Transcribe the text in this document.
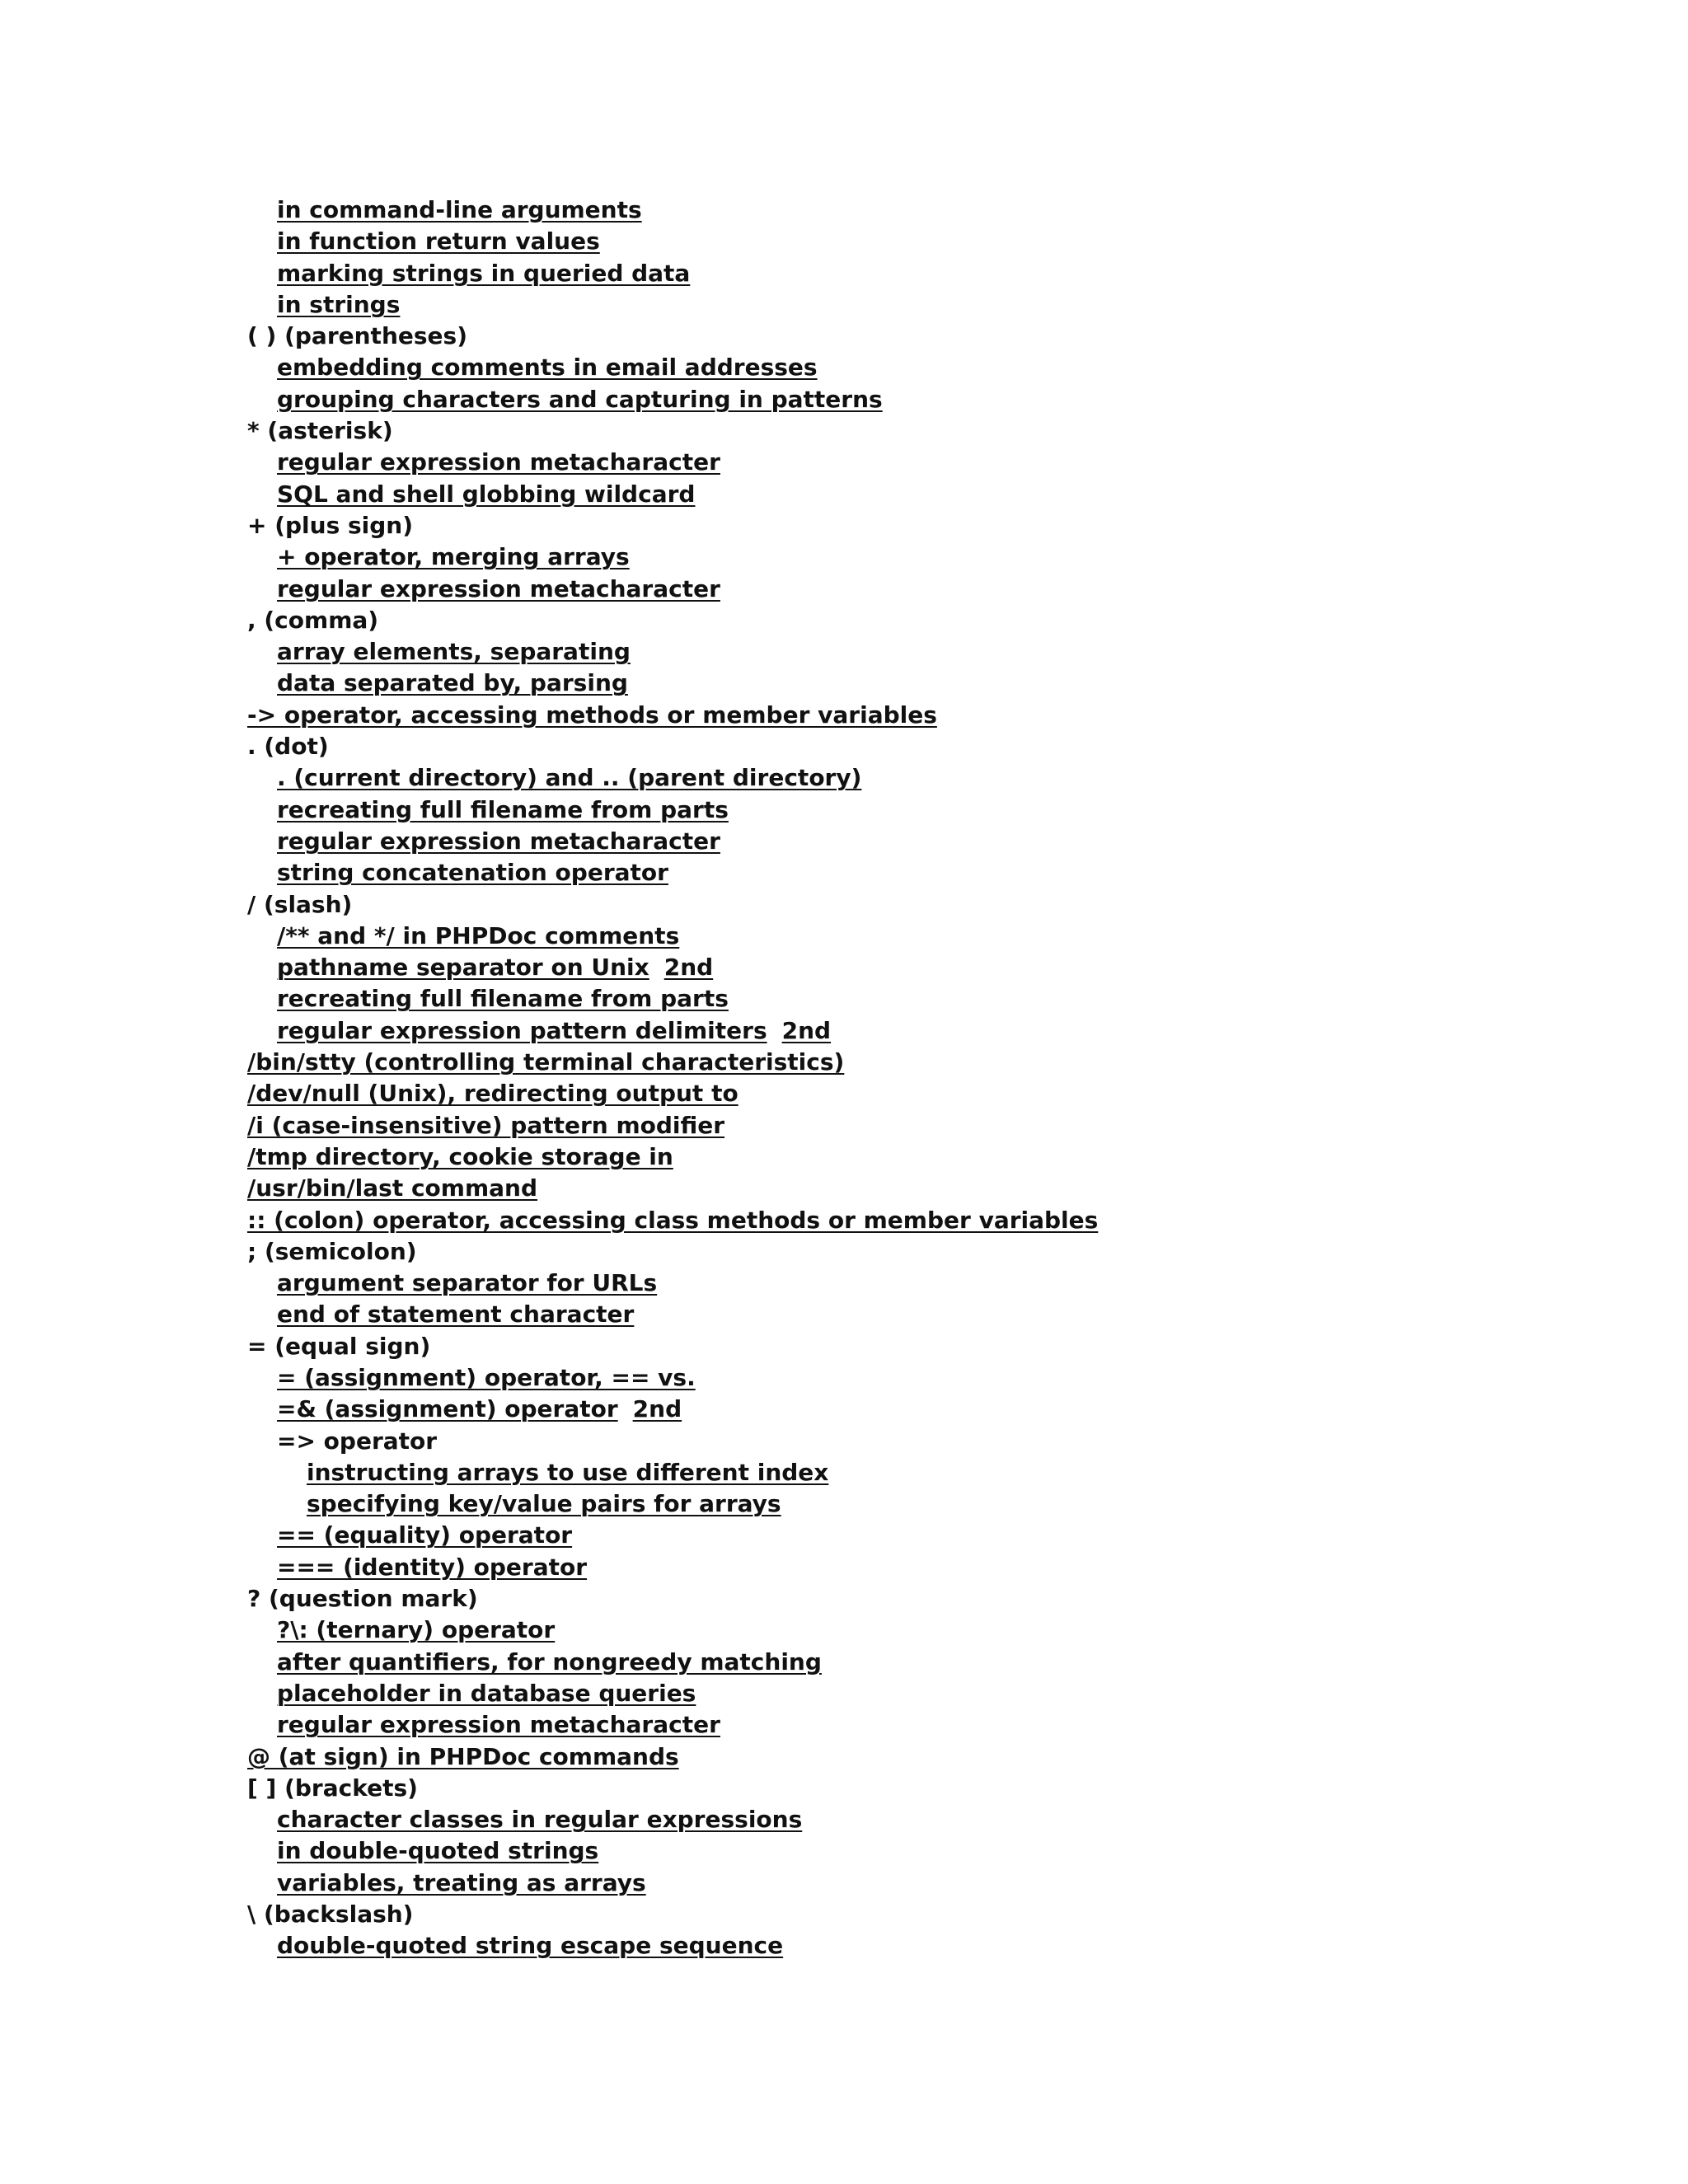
in command-line arguments
in function return values
marking strings in queried data
in strings
( ) (parentheses)
embedding comments in email addresses
grouping characters and capturing in patterns
* (asterisk)
regular expression metacharacter
SQL and shell globbing wildcard
+ (plus sign)
+ operator, merging arrays
regular expression metacharacter
, (comma)
array elements, separating
data separated by, parsing
-> operator, accessing methods or member variables
. (dot)
. (current directory) and .. (parent directory)
recreating full filename from parts
regular expression metacharacter
string concatenation operator
/ (slash)
/** and */ in PHPDoc comments
pathname separator on Unix 2nd
recreating full filename from parts
regular expression pattern delimiters 2nd
/bin/stty (controlling terminal characteristics)
/dev/null (Unix), redirecting output to
/i (case-insensitive) pattern modifier
/tmp directory, cookie storage in
/usr/bin/last command
:: (colon) operator, accessing class methods or member variables
; (semicolon)
argument separator for URLs
end of statement character
= (equal sign)
= (assignment) operator, == vs.
=& (assignment) operator 2nd
=> operator
instructing arrays to use different index
specifying key/value pairs for arrays
== (equality) operator
=== (identity) operator
? (question mark)
?\: (ternary) operator
after quantifiers, for nongreedy matching
placeholder in database queries
regular expression metacharacter
@ (at sign) in PHPDoc commands
[ ] (brackets)
character classes in regular expressions
in double-quoted strings
variables, treating as arrays
\ (backslash)
double-quoted string escape sequence
